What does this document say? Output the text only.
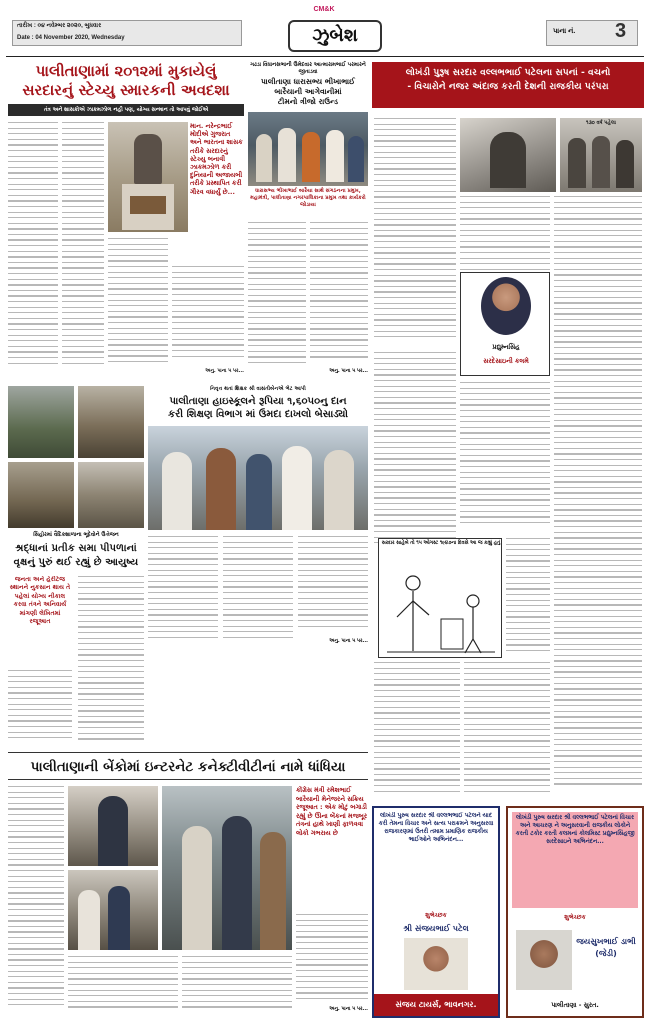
CM&K
તારીખ : ૦૪ નવેમ્બર ૨૦૨૦, બુધવાર
Date : 04 November 2020, Wednesday	ઝુબેશ	પાના નં. 3
પાલીતાણામાં ૨૦૧૨માં મુકાયેલું
સરદારનું સ્ટેચ્યુ સ્મારકની અવદશા
તંત્ર અને શાસકોએ ઝાકમઝોળ નહી પણ, યોગ્ય સન્માન તો આપવું જોઈએ
માન. નરેન્દ્રભાઈ મોદીએ ગુજરાત અને ભારતના શાસક તરીકે સરદારનું સ્ટેચ્યુ બનાવી ઝાકમઝોળ કરી દુનિયાની અજાયબી તરીકે પ્રસ્થાપિત કરી ગૌરવ વધાર્યું છે...
અનુ. પાના ૫ પર...
ગઢડા વિધાનસભાની ઉમેદવાર આત્મારામભાઈ પરમારને જીતાડવા
પાલીતાણા ધારાસભ્ય ભીખાભાઈ
બારૈયાની આગેવાનીમાં
ટીમનો ત્રીજો રાઉન્ડ
ધારાસભ્ય ભીખાભાઈ બારૈયા સાથે સંગઠનના પ્રમુખ, મહામંત્રી, પાલીતાણા નગરપાલિકાના પ્રમુખ તથા કાર્યકરો જોડાયા
અનુ. પાના ૫ પર...
લોખંડી પુરૂષ સરદાર વલ્લભભાઈ પટેલના સપનાં - વચનો
- વિચારોને નજર અંદાજ કરતી દેશની રાજકીય પરંપરા
૧૩૦ વર્ષ પહેલા
પ્રદ્યુમ્નસિંહ
સરદેસાઇની કલમે
સરદાર સાહેબે તો ૧૫ ઓગસ્ટ ૧૯૪૭ના દિવસે આ જ કહ્યું હતું
નિવૃત્ત થતાં શિક્ષક શ્રી વાસંતીબેનએ ભેટ આપી
પાલીતાણા હાઇસ્કૂલને રૂપિયા ૧,૬૦૫૦નુ દાન
કરી શિક્ષણ વિભાગ માં ઉમદા દાખલો બેસાડ્યો
અનુ. પાના ૫ પર...
સિહોરમાં વૈદિકશાળાના ભૂદેવોને ઉત્તેજન
શ્રદ્ધાનાં પ્રતીક સમા પીપળાનાં
વૃક્ષનું પુરું થઈ રહ્યું છે આયુષ્ય
જનતા અને હેરીટેજ સ્થાનને નુકસાન થાય તે પહેલાં યોગ્ય નીકાલ કરવા તંત્રને અનિવાર્ય માંગણી લેખિતમાં રજૂઆત
પાલીતાણાની બેંકોમાં ઇન્ટરનેટ કનેક્ટીવીટીનાં નામે ધાંધિયા
કોંગ્રેસ મંત્રી રમેશભાઈ બારૈયાની મેનેજરને સક્રિય રજૂઆત : એક મોટું બગાડી રહ્યું છે ઊના બેંકનાં મજબૂર તંત્રનાં હાથે ખાણી ફાળવવા લોકો ગભરાય છે
અનુ. પાના ૫ પર...
લોખંડી પુરુષ સરદાર શ્રી વલ્લભભાઈ પટેલને યાદ કરી તેમના વિચાર અને સત્ય પરાક્રમને અનુસરવા રાજકારણમાં ઉતરી તમામ પ્રમાણિક રાજકીય ભાઈઓને અભિનંદન...
શુભેચ્છક
શ્રી સંજયભાઈ પટેલ
સંજય ટાયર્સ, ભાવનગર.
લોખંડી પુરુષ સરદાર શ્રી વલ્લભભાઈ પટેલનાં વિચાર અને આચરણ ને અનુસરવાની રાજકીય લોકોને કરતી ટકોર કરતી કલમનાં કોલમિસ્ટ પ્રદ્યુમ્નસિંહજી સરદેસાઇને અભિનંદન...
શુભેચ્છક
જયસુખભાઈ ડાભી (જેડી)
પાલીતાણા - સુરત.
